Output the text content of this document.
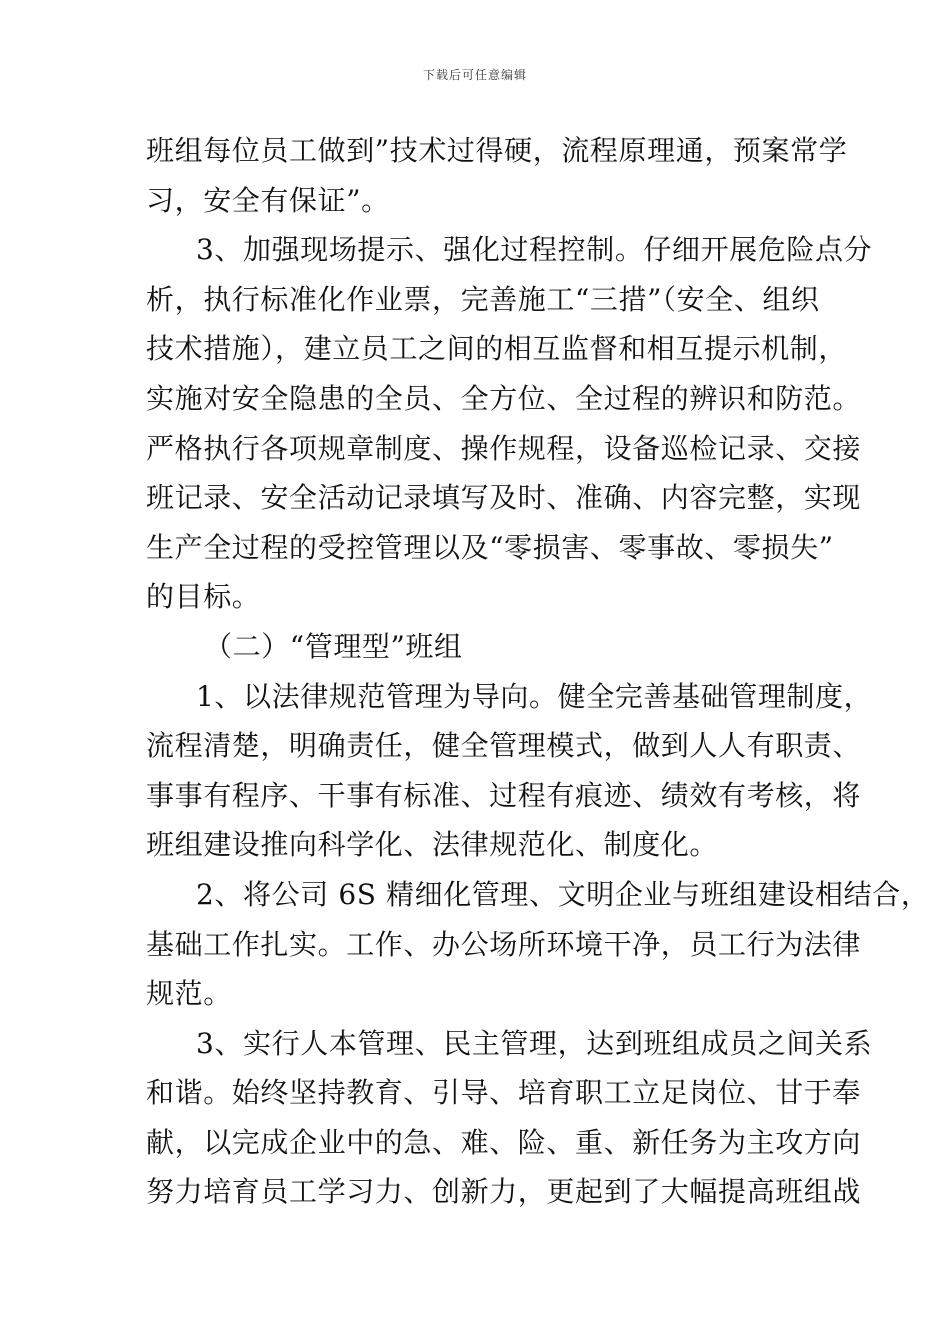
下载后可任意编辑
班组每位员工做到”技术过得硬，流程原理通，预案常学
习，安全有保证”。
3、加强现场提示、强化过程控制。仔细开展危险点分
析，执行标准化作业票，完善施工“三措”（安全、组织
技术措施），建立员工之间的相互监督和相互提示机制，
实施对安全隐患的全员、全方位、全过程的辨识和防范。
严格执行各项规章制度、操作规程，设备巡检记录、交接
班记录、安全活动记录填写及时、准确、内容完整，实现
生产全过程的受控管理以及“零损害、零事故、零损失”
的目标。
（二）“管理型”班组
1、以法律规范管理为导向。健全完善基础管理制度，
流程清楚，明确责任，健全管理模式，做到人人有职责、
事事有程序、干事有标准、过程有痕迹、绩效有考核，将
班组建设推向科学化、法律规范化、制度化。
2、将公司 6S 精细化管理、文明企业与班组建设相结合，
基础工作扎实。工作、办公场所环境干净，员工行为法律
规范。
3、实行人本管理、民主管理，达到班组成员之间关系
和谐。始终坚持教育、引导、培育职工立足岗位、甘于奉
献，以完成企业中的急、难、险、重、新任务为主攻方向
努力培育员工学习力、创新力，更起到了大幅提高班组战
